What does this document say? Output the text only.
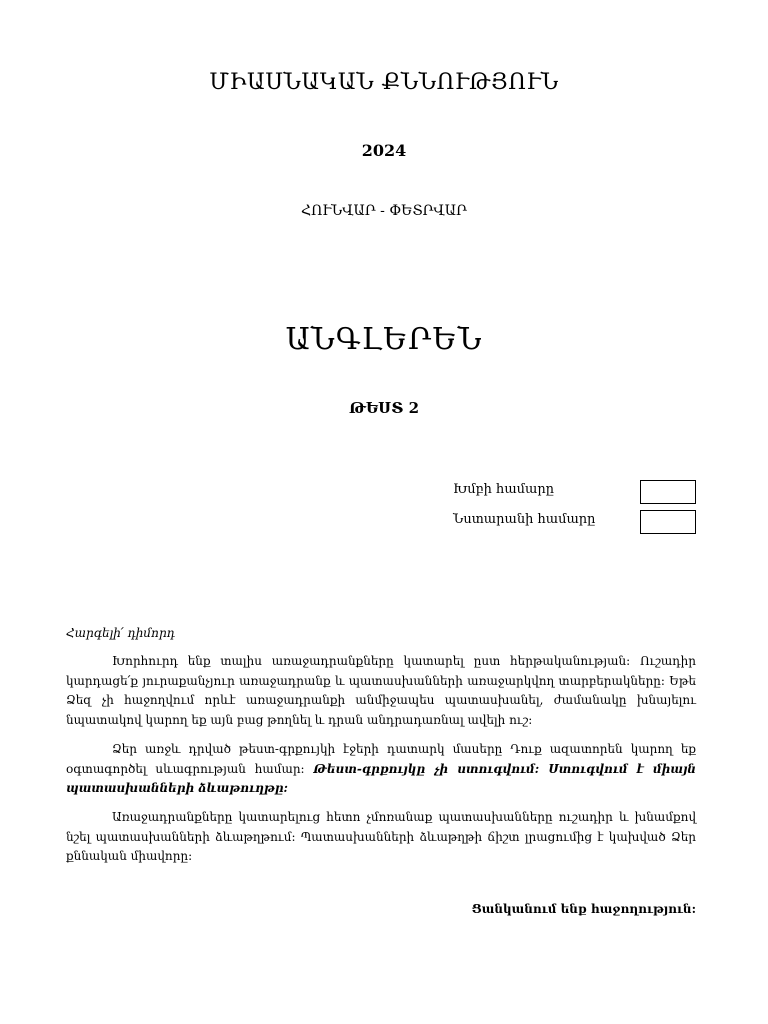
ՄԻԱՍՆԱԿԱՆ ՔՆՆՈՒԹՅՈՒՆ
2024
ՀՈՒՆՎԱՐ - ՓԵՏՐՎԱՐ
ԱՆԳԼԵՐԵՆ
ԹԵՍՏ 2
Խմբի համարը
Նստարանի համարը
Հարգելի՛ դիմորդ

Խորհուրդ ենք տալիս առաջադրանքները կատարել ըստ հերթականության: Ուշադիր կարդացե՛ք յուրաքանչյուր առաջադրանք և պատասխանների առաջարկվող տարբերակները: Եթե Ձեզ չի հաջողվում որևէ առաջադրանքի անմիջապես պատասխանել, ժամանակը խնայելու նպատակով կարող եք այն բաց թողնել և դրան անդրադառնալ ավելի ուշ:

Ձեր առջև դրված թեստ-գրքույկի էջերի դատարկ մասերը Դուք ազատորեն կարող եք օգտագործել սևագրության համար: Թեստ-գրքույկը չի ստուգվում: Ստուգվում է միայն պատասխանների ձևաթուղթը:

Առաջադրանքները կատարելուց հետո չմոռանաք պատասխանները ուշադիր և խնամքով նշել պատասխանների ձևաթղթում: Պատասխանների ձևաթղթի ճիշտ լրացումից է կախված Ձեր քննական միավորը:

Ցանկանում ենք հաջողություն:
